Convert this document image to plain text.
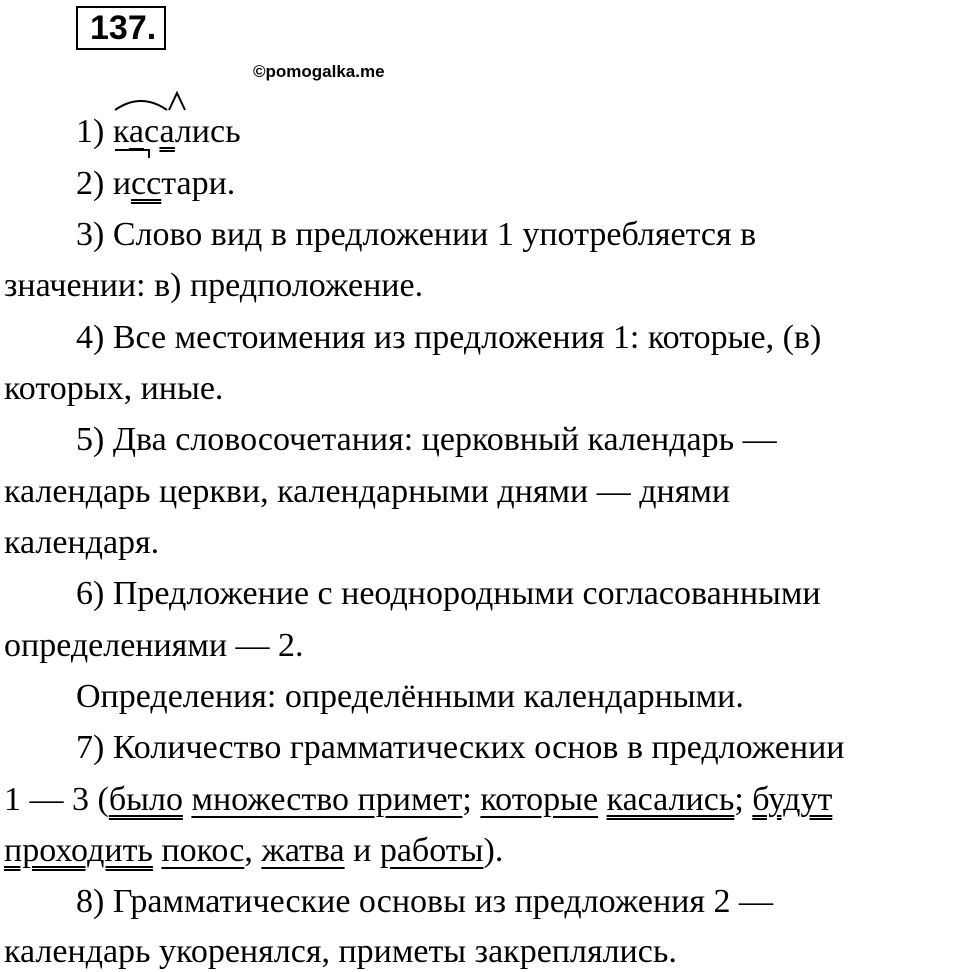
137.
©pomogalka.me
1)
касались
2)
исстари.
3) Слово вид в предложении 1 употребляется в
значении: в) предположение.
4) Все местоимения из предложения 1: которые, (в)
которых, иные.
5) Два словосочетания: церковный календарь —
календарь церкви, календарными днями — днями
календаря.
6) Предложение с неоднородными согласованными
определениями — 2.
Определения: определёнными календарными.
7) Количество грамматических основ в предложении
1 — 3 (было множество примет; которые касались; будут
проходить покос, жатва и работы).
8) Грамматические основы из предложения 2 —
календарь укоренялся, приметы закреплялись.
